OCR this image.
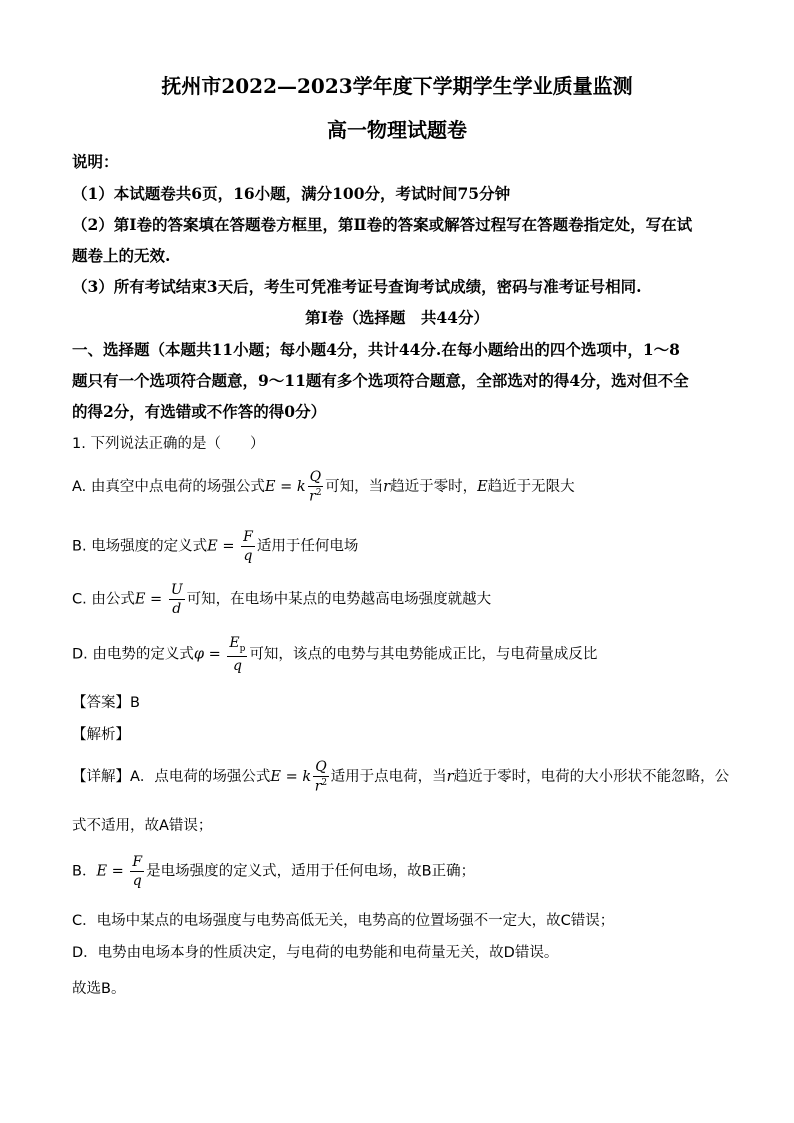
抚州市2022—2023学年度下学期学生学业质量监测
高一物理试题卷
说明：
（1）本试题卷共6页，16小题，满分100分，考试时间75分钟
（2）第Ⅰ卷的答案填在答题卷方框里，第Ⅱ卷的答案或解答过程写在答题卷指定处，写在试
题卷上的无效.
（3）所有考试结束3天后，考生可凭准考证号查询考试成绩，密码与准考证号相同.
第Ⅰ卷（选择题　共44分）
一、选择题（本题共11小题；每小题4分，共计44分.在每小题给出的四个选项中，1～8
题只有一个选项符合题意，9～11题有多个选项符合题意，全部选对的得4分，选对但不全
的得2分，有选错或不作答的得0分）
1. 下列说法正确的是（　　）
A. 由真空中点电荷的场强公式E = k $\frac{Q}{r^2}$ 可知，当r趋近于零时，E趋近于无限大
B. 电场强度的定义式$E = \frac{F}{q}$ 适用于任何电场
C. 由公式$E = \frac{U}{d}$ 可知，在电场中某点的电势越高电场强度就越大
D. 由电势的定义式$\varphi = \frac{E_p}{q}$ 可知，该点的电势与其电势能成正比，与电荷量成反比
【答案】B
【解析】
【详解】A．点电荷的场强公式E = k $\frac{Q}{r^2}$ 适用于点电荷，当r趋近于零时，电荷的大小形状不能忽略，公
式不适用，故A错误；
B．$E = \frac{F}{q}$ 是电场强度的定义式，适用于任何电场，故B正确；
C．电场中某点的电场强度与电势高低无关，电势高的位置场强不一定大，故C错误；
D．电势由电场本身的性质决定，与电荷的电势能和电荷量无关，故D错误。
故选B。
